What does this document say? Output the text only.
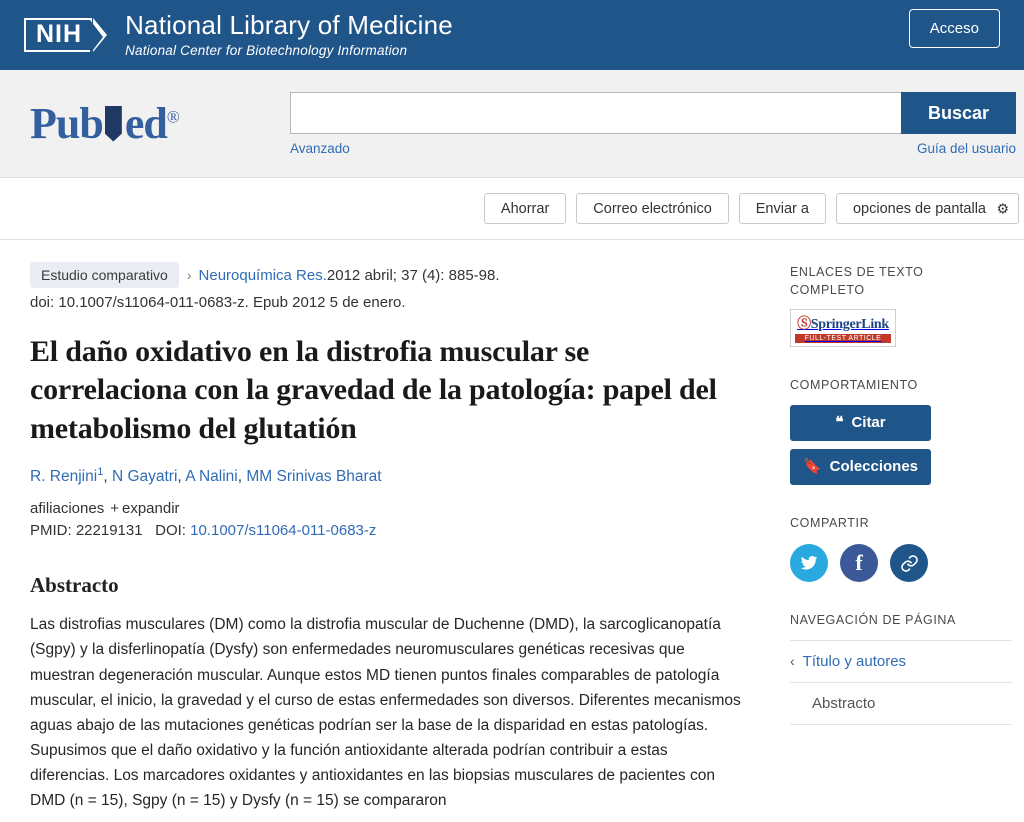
NIH	National Library of Medicine
National Center for Biotechnology Information
Acceso
Pub ed®	Buscar
Avanzado	Guía del usuario
Ahorrar	Correo electrónico	Enviar a	opciones de pantalla ⚙
Estudio comparativo	› Neuroquímica Res. 2012 abril; 37 (4): 885-98.
doi: 10.1007/s11064-011-0683-z. Epub 2012 5 de enero.
El daño oxidativo en la distrofia muscular se correlaciona con la gravedad de la patología: papel del metabolismo del glutatión
R. Renjini$^1$, N Gayatri, A Nalini, MM Srinivas Bharat
afiliaciones + expandir
PMID: 22219131 DOI: 10.1007/s11064-011-0683-z
Abstracto

Las distrofias musculares (DM) como la distrofia muscular de Duchenne (DMD), la sarcoglicanopatía (Sgpy) y la disferlinopatía (Dysfy) son enfermedades neuromusculares genéticas recesivas que muestran degeneración muscular. Aunque estos MD tienen puntos finales comparables de patología muscular, el inicio, la gravedad y el curso de estas enfermedades son diversos. Diferentes mecanismos aguas abajo de las mutaciones genéticas podrían ser la base de la disparidad en estas patologías. Supusimos que el daño oxidativo y la función antioxidante alterada podrían contribuir a estas diferencias. Los marcadores oxidantes y antioxidantes en las biopsias musculares de pacientes con DMD (n = 15), Sgpy (n = 15) y Dysfy (n = 15) se compararon

ENLACES DE TEXTO
COMPLETO
ⓈSpringerLink
FULL-TEST ARTICLE
COMPORTAMIENTO
❝ Citar
🔖 Colecciones
COMPARTIR
f
NAVEGACIÓN DE PÁGINA
‹ Título y autores
Abstracto
